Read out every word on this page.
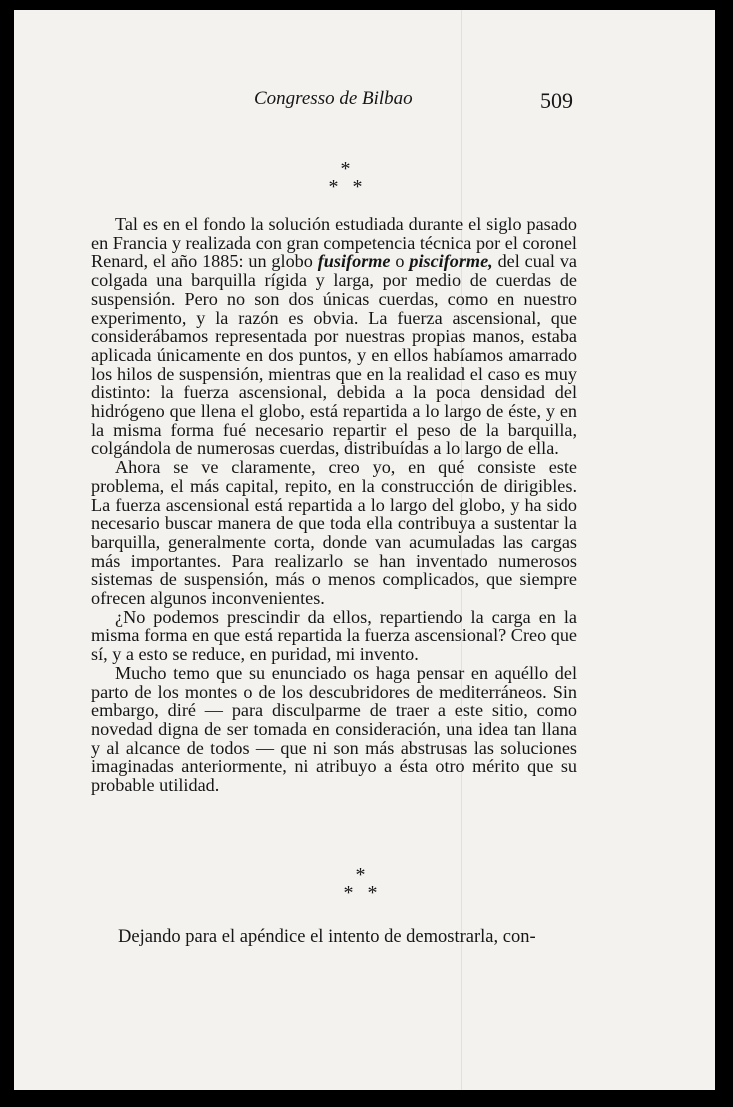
Congresso de Bilbao	509
*
* *

Tal es en el fondo la solución estudiada durante el siglo pasado en Francia y realizada con gran competencia técnica por el coronel Renard, el año 1885: un globo fusiforme o pisciforme, del cual va colgada una barquilla rígida y larga, por medio de cuerdas de suspensión. Pero no son dos únicas cuerdas, como en nuestro experimento, y la razón es obvia. La fuerza ascensional, que considerábamos representada por nuestras propias manos, estaba aplicada únicamente en dos puntos, y en ellos habíamos amarrado los hilos de suspensión, mientras que en la realidad el caso es muy distinto: la fuerza ascensional, debida a la poca densidad del hidrógeno que llena el globo, está repartida a lo largo de éste, y en la misma forma fué necesario repartir el peso de la barquilla, colgándola de numerosas cuerdas, distribuídas a lo largo de ella.

Ahora se ve claramente, creo yo, en qué consiste este problema, el más capital, repito, en la construcción de dirigibles. La fuerza ascensional está repartida a lo largo del globo, y ha sido necesario buscar manera de que toda ella contribuya a sustentar la barquilla, generalmente corta, donde van acumuladas las cargas más importantes. Para realizarlo se han inventado numerosos sistemas de suspensión, más o menos complicados, que siempre ofrecen algunos inconvenientes.

¿No podemos prescindir da ellos, repartiendo la carga en la misma forma en que está repartida la fuerza ascensional? Creo que sí, y a esto se reduce, en puridad, mi invento.

Mucho temo que su enunciado os haga pensar en aquéllo del parto de los montes o de los descubridores de mediterráneos. Sin embargo, diré — para disculparme de traer a este sitio, como novedad digna de ser tomada en consideración, una idea tan llana y al alcance de todos — que ni son más abstrusas las soluciones imaginadas anteriormente, ni atribuyo a ésta otro mérito que su probable utilidad.

*
* *
Dejando para el apéndice el intento de demostrarla, con-
